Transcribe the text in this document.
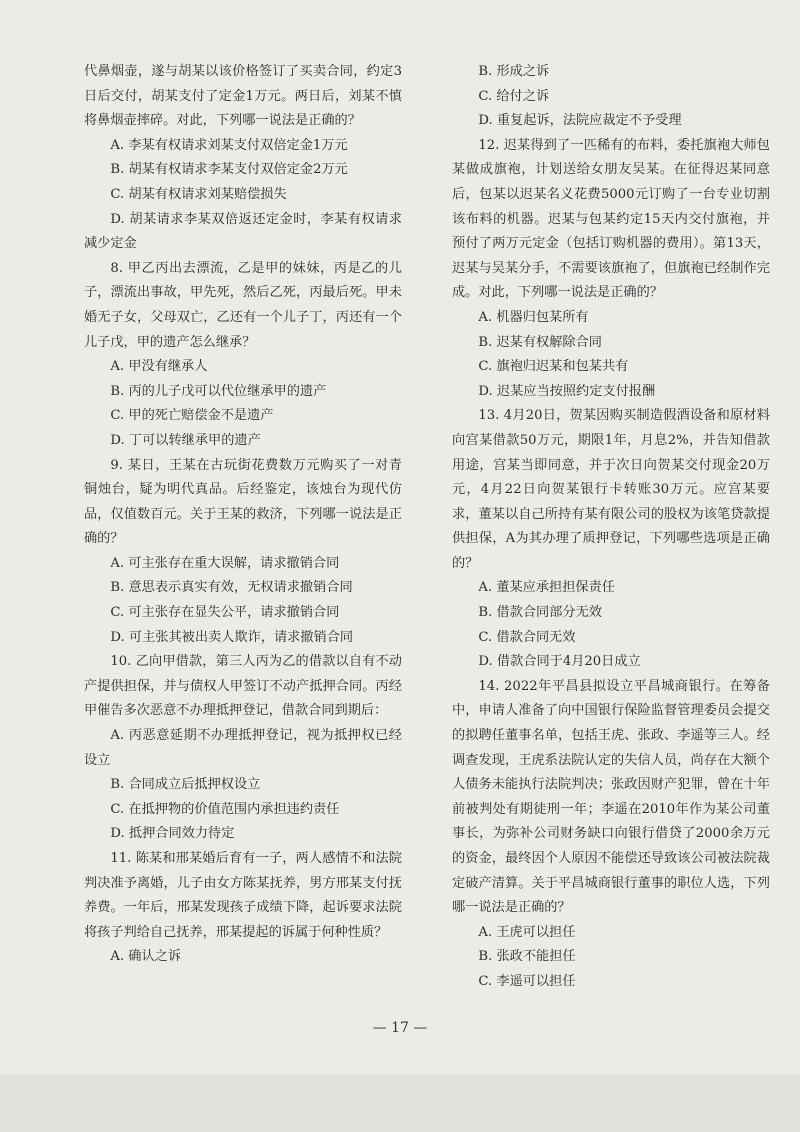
代鼻烟壶，遂与胡某以该价格签订了买卖合同，约定3日后交付，胡某支付了定金1万元。两日后，刘某不慎将鼻烟壶摔碎。对此，下列哪一说法是正确的？

A. 李某有权请求刘某支付双倍定金1万元

B. 胡某有权请求李某支付双倍定金2万元

C. 胡某有权请求刘某赔偿损失

D. 胡某请求李某双倍返还定金时，李某有权请求减少定金

8. 甲乙丙出去漂流，乙是甲的妹妹，丙是乙的儿子，漂流出事故，甲先死，然后乙死，丙最后死。甲未婚无子女，父母双亡，乙还有一个儿子丁，丙还有一个儿子戊，甲的遗产怎么继承？

A. 甲没有继承人

B. 丙的儿子戊可以代位继承甲的遗产

C. 甲的死亡赔偿金不是遗产

D. 丁可以转继承甲的遗产

9. 某日，王某在古玩街花费数万元购买了一对青铜烛台，疑为明代真品。后经鉴定，该烛台为现代仿品，仅值数百元。关于王某的救济，下列哪一说法是正确的？

A. 可主张存在重大误解，请求撤销合同

B. 意思表示真实有效，无权请求撤销合同

C. 可主张存在显失公平，请求撤销合同

D. 可主张其被出卖人欺诈，请求撤销合同

10. 乙向甲借款，第三人丙为乙的借款以自有不动产提供担保，并与债权人甲签订不动产抵押合同。丙经甲催告多次恶意不办理抵押登记，借款合同到期后：

A. 丙恶意延期不办理抵押登记，视为抵押权已经设立

B. 合同成立后抵押权设立

C. 在抵押物的价值范围内承担违约责任

D. 抵押合同效力待定

11. 陈某和邢某婚后育有一子，两人感情不和法院判决准予离婚，儿子由女方陈某抚养，男方邢某支付抚养费。一年后，邢某发现孩子成绩下降，起诉要求法院将孩子判给自己抚养，邢某提起的诉属于何种性质？

A. 确认之诉

B. 形成之诉

C. 给付之诉

D. 重复起诉，法院应裁定不予受理

12. 迟某得到了一匹稀有的布料，委托旗袍大师包某做成旗袍，计划送给女朋友吴某。在征得迟某同意后，包某以迟某名义花费5000元订购了一台专业切割该布料的机器。迟某与包某约定15天内交付旗袍，并预付了两万元定金（包括订购机器的费用）。第13天，迟某与吴某分手，不需要该旗袍了，但旗袍已经制作完成。对此，下列哪一说法是正确的？

A. 机器归包某所有

B. 迟某有权解除合同

C. 旗袍归迟某和包某共有

D. 迟某应当按照约定支付报酬

13. 4月20日，贺某因购买制造假酒设备和原材料向宫某借款50万元，期限1年，月息2%，并告知借款用途，宫某当即同意，并于次日向贺某交付现金20万元，4月22日向贺某银行卡转账30万元。应宫某要求，董某以自己所持有某有限公司的股权为该笔贷款提供担保，A为其办理了质押登记，下列哪些选项是正确的？

A. 董某应承担担保责任

B. 借款合同部分无效

C. 借款合同无效

D. 借款合同于4月20日成立

14. 2022年平昌县拟设立平昌城商银行。在筹备中，申请人准备了向中国银行保险监督管理委员会提交的拟聘任董事名单，包括王虎、张政、李遥等三人。经调查发现，王虎系法院认定的失信人员，尚存在大额个人债务未能执行法院判决；张政因财产犯罪，曾在十年前被判处有期徒刑一年；李遥在2010年作为某公司董事长，为弥补公司财务缺口向银行借贷了2000余万元的资金，最终因个人原因不能偿还导致该公司被法院裁定破产清算。关于平昌城商银行董事的职位人选，下列哪一说法是正确的？

A. 王虎可以担任

B. 张政不能担任

C. 李遥可以担任

— 17 —
